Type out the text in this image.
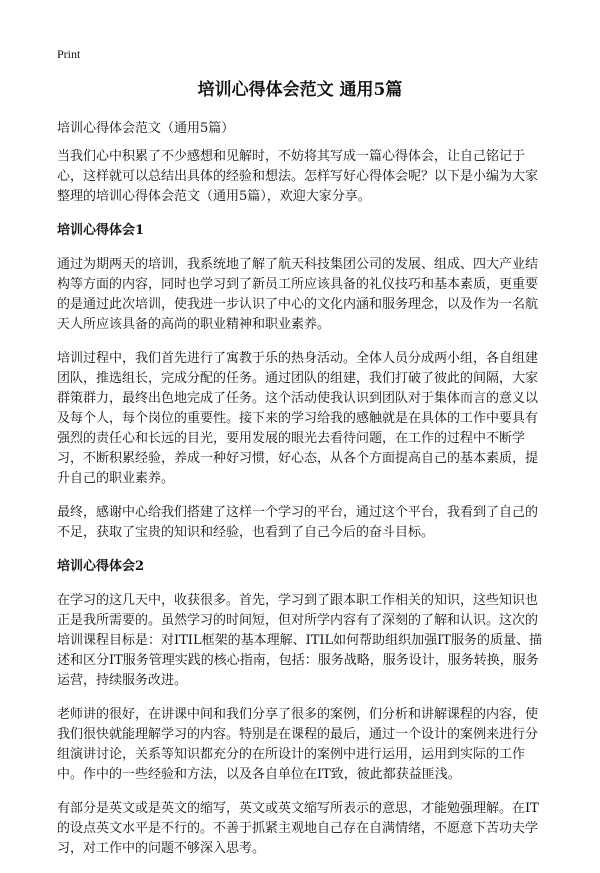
Print
培训心得体会范文 通用5篇

培训心得体会范文（通用5篇）

当我们心中积累了不少感想和见解时，不妨将其写成一篇心得体会，让自己铭记于心，这样就可以总结出具体的经验和想法。怎样写好心得体会呢？以下是小编为大家整理的培训心得体会范文（通用5篇），欢迎大家分享。

培训心得体会1

通过为期两天的培训，我系统地了解了航天科技集团公司的发展、组成、四大产业结构等方面的内容，同时也学习到了新员工所应该具备的礼仪技巧和基本素质，更重要的是通过此次培训，使我进一步认识了中心的文化内涵和服务理念，以及作为一名航天人所应该具备的高尚的职业精神和职业素养。

培训过程中，我们首先进行了寓教于乐的热身活动。全体人员分成两小组，各自组建团队，推选组长，完成分配的任务。通过团队的组建，我们打破了彼此的间隔，大家群策群力，最终出色地完成了任务。这个活动使我认识到团队对于集体而言的意义以及每个人，每个岗位的重要性。接下来的学习给我的感触就是在具体的工作中要具有强烈的责任心和长远的目光，要用发展的眼光去看待问题，在工作的过程中不断学习，不断积累经验，养成一种好习惯，好心态，从各个方面提高自己的基本素质，提升自己的职业素养。

最终，感谢中心给我们搭建了这样一个学习的平台，通过这个平台，我看到了自己的不足，获取了宝贵的知识和经验，也看到了自己今后的奋斗目标。

培训心得体会2

在学习的这几天中，收获很多。首先，学习到了跟本职工作相关的知识，这些知识也正是我所需要的。虽然学习的时间短，但对所学内容有了深刻的了解和认识。这次的培训课程目标是：对ITIL框架的基本理解、ITIL如何帮助组织加强IT服务的质量、描述和区分IT服务管理实践的核心指南，包括：服务战略，服务设计，服务转换，服务运营，持续服务改进。

老师讲的很好，在讲课中间和我们分享了很多的案例，们分析和讲解课程的内容，使我们很快就能理解学习的内容。特别是在课程的最后，通过一个设计的案例来进行分组演讲讨论，关系等知识都充分的在所设计的案例中进行运用，运用到实际的工作中。作中的一些经验和方法，以及各自单位在IT致，彼此都获益匪浅。

有部分是英文或是英文的缩写，英文或英文缩写所表示的意思，才能勉强理解。在IT的设点英文水平是不行的。不善于抓紧主观地自己存在自满情绪，不愿意下苦功夫学习，对工作中的问题不够深入思考。
